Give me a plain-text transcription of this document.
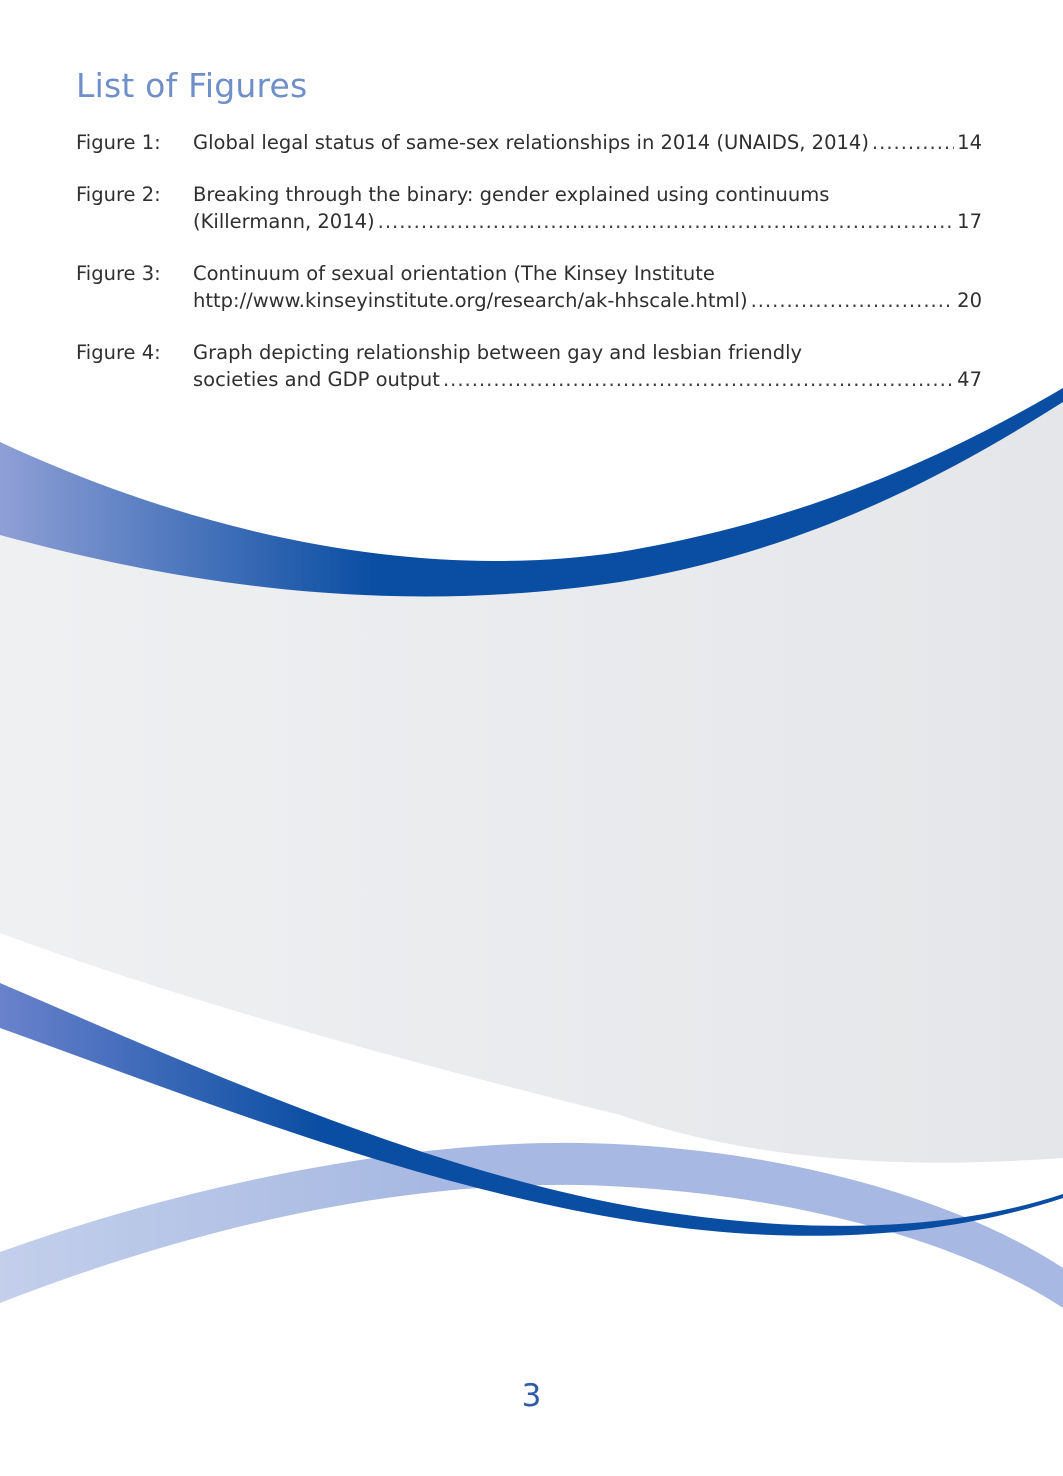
List of Figures
Figure 1:	Global legal status of same-sex relationships in 2014 (UNAIDS, 2014) .....	14
Figure 2:	Breaking through the binary: gender explained using continuums
(Killermann, 2014) .....	17
Figure 3:	Continuum of sexual orientation (The Kinsey Institute
http://www.kinseyinstitute.org/research/ak-hhscale.html) .....	20
Figure 4:	Graph depicting relationship between gay and lesbian friendly
societies and GDP output .....	47
3
